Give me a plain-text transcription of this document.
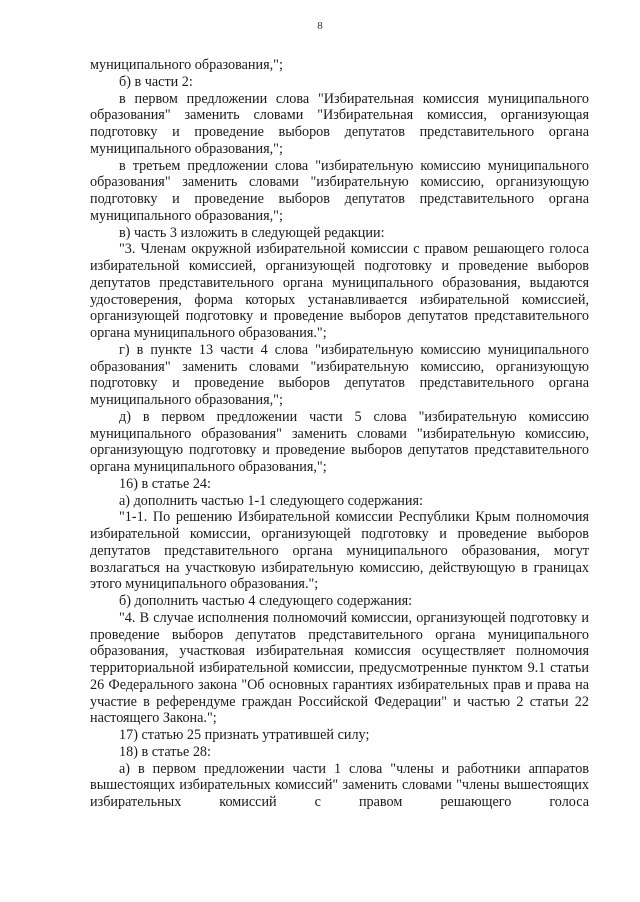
8

муниципального образования,";

б) в части 2:

в первом предложении слова "Избирательная комиссия муниципального образования" заменить словами "Избирательная комиссия, организующая подготовку и проведение выборов депутатов представительного органа муниципального образования,";

в третьем предложении слова "избирательную комиссию муниципального образования" заменить словами "избирательную комиссию, организующую подготовку и проведение выборов депутатов представительного органа муниципального образования,";

в) часть 3 изложить в следующей редакции:

"3. Членам окружной избирательной комиссии с правом решающего голоса избирательной комиссией, организующей подготовку и проведение выборов депутатов представительного органа муниципального образования, выдаются удостоверения, форма которых устанавливается избирательной комиссией, организующей подготовку и проведение выборов депутатов представительного органа муниципального образования.";

г) в пункте 13 части 4 слова "избирательную комиссию муниципального образования" заменить словами "избирательную комиссию, организующую подготовку и проведение выборов депутатов представительного органа муниципального образования,";

д) в первом предложении части 5 слова "избирательную комиссию муниципального образования" заменить словами "избирательную комиссию, организующую подготовку и проведение выборов депутатов представительного органа муниципального образования,";

16) в статье 24:

а) дополнить частью 1-1 следующего содержания:

"1-1. По решению Избирательной комиссии Республики Крым полномочия избирательной комиссии, организующей подготовку и проведение выборов депутатов представительного органа муниципального образования, могут возлагаться на участковую избирательную комиссию, действующую в границах этого муниципального образования.";

б) дополнить частью 4 следующего содержания:

"4. В случае исполнения полномочий комиссии, организующей подготовку и проведение выборов депутатов представительного органа муниципального образования, участковая избирательная комиссия осуществляет полномочия территориальной избирательной комиссии, предусмотренные пунктом 9.1 статьи 26 Федерального закона "Об основных гарантиях избирательных прав и права на участие в референдуме граждан Российской Федерации" и частью 2 статьи 22 настоящего Закона.";

17) статью 25 признать утратившей силу;

18) в статье 28:

а) в первом предложении части 1 слова "члены и работники аппаратов вышестоящих избирательных комиссий" заменить словами "члены вышестоящих избирательных комиссий с правом решающего голоса
